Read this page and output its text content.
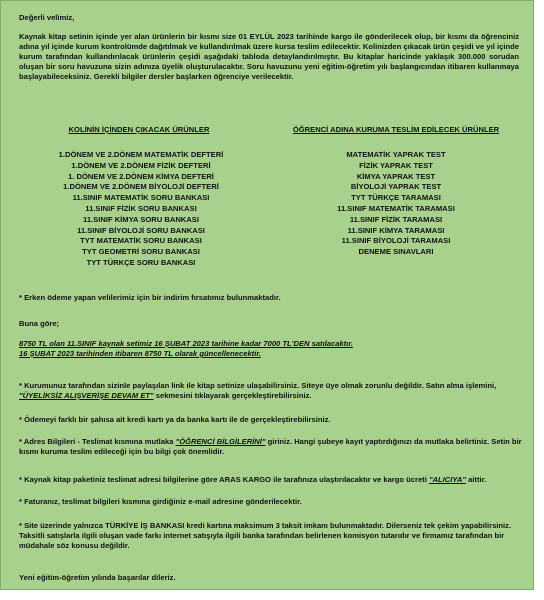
Değerli velimiz,

Kaynak kitap setinin içinde yer alan ürünlerin bir kısmı size 01 EYLÜL 2023 tarihinde kargo ile gönderilecek olup, bir kısmı da öğrenciniz adına yıl içinde kurum kontrolümde dağıtılmak ve kullandırılmak üzere kursa teslim edilecektir. Kolinizden çıkacak ürün çeşidi ve yıl içinde kurum tarafından kullandırılacak ürünlerin çeşidi aşağıdaki tabloda detaylandırılmıştır. Bu kitaplar haricinde yaklaşık 300.000 sorudan oluşan bir soru havuzuna sizin adınıza üyelik oluşturulacaktır. Soru havuzunu yeni eğitim-öğretim yılı başlangıcından itibaren kullanmaya başlayabileceksiniz. Gerekli bilgiler dersler başlarken öğrenciye verilecektir.

KOLİNİN İÇİNDEN ÇIKACAK ÜRÜNLER	ÖĞRENCİ ADINA KURUMA TESLİM EDİLECEK ÜRÜNLER
1.DÖNEM VE 2.DÖNEM MATEMATİK DEFTERİ
1.DÖNEM VE 2.DÖNEM FİZİK DEFTERİ
1. DÖNEM VE 2.DÖNEM KİMYA DEFTERİ
1.DÖNEM VE 2.DÖNEM BİYOLOJİ DEFTERİ
11.SINIF MATEMATİK SORU BANKASI
11.SINIF FİZİK SORU BANKASI
11.SINIF KİMYA SORU BANKASI
11.SINIF BİYOLOJİ SORU BANKASI
TYT MATEMATİK SORU BANKASI
TYT GEOMETRİ SORU BANKASI
TYT TÜRKÇE SORU BANKASI
MATEMATİK YAPRAK TEST
FİZİK YAPRAK TEST
KİMYA YAPRAK TEST
BİYOLOJİ YAPRAK TEST
TYT TÜRKÇE TARAMASI
11.SINIF MATEMATİK TARAMASI
11.SINIF FİZİK TARAMASI
11.SINIF KİMYA TARAMASI
11.SINIF BİYOLOJİ TARAMASI
DENEME SINAVLARI

* Erken ödeme yapan velilerimiz için bir indirim fırsatımız bulunmaktadır.

Buna göre;

8750 TL olan 11.SINIF kaynak setimiz 16 ŞUBAT 2023 tarihine kadar 7000 TL'DEN satılacaktır.

16 ŞUBAT 2023 tarihinden itibaren 8750 TL olarak güncellenecektir.

* Kurumunuz tarafından sizinle paylaşılan link ile kitap setinize ulaşabilirsiniz. Siteye üye olmak zorunlu değildir. Satın alma işlemini, "ÜYELİKSİZ ALIŞVERİŞE DEVAM ET" sekmesini tıklayarak gerçekleştirebilirsiniz.

* Ödemeyi farklı bir şahısa ait kredi kartı ya da banka kartı ile de gerçekleştirebilirsiniz.

* Adres Bilgileri - Teslimat kısmına mutlaka "ÖĞRENCİ BİLGİLERİNİ" giriniz. Hangi şubeye kayıt yaptırdığınızı da mutlaka belirtiniz. Setin bir kısmı kuruma teslim edileceği için bu bilgi çok önemlidir.

* Kaynak kitap paketiniz teslimat adresi bilgilerine göre ARAS KARGO ile tarafınıza ulaştırılacaktır ve kargo ücreti "ALICIYA" aittir.

* Faturanız, teslimat bilgileri kısmına girdiğiniz e-mail adresine gönderilecektir.

* Site üzerinde yalnızca TÜRKİYE İŞ BANKASI kredi kartına maksimum 3 taksit imkanı bulunmaktadır. Dilerseniz tek çekim yapabilirsiniz. Taksitli satışlarla ilgili oluşan vade farkı internet satışıyla ilgili banka tarafından belirlenen komisyon tutarıdır ve firmamız tarafından bir müdahale söz konusu değildir.

Yeni eğitim-öğretim yılında başarılar dileriz.
